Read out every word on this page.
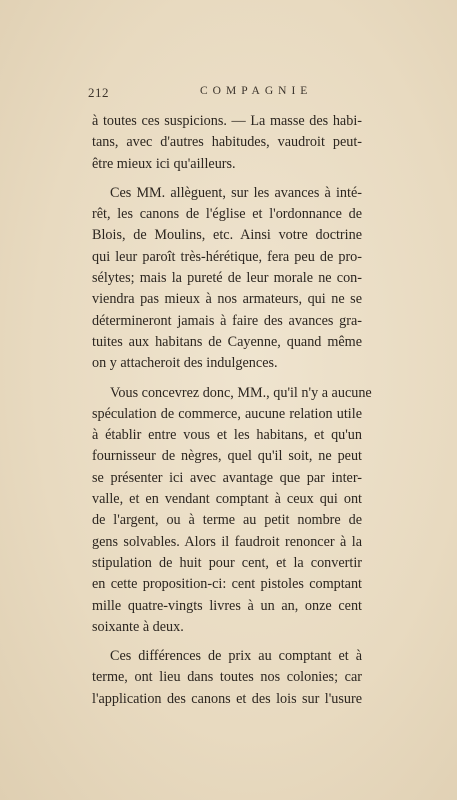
212	COMPAGNIE
à toutes ces suspicions. — La masse des habi-
tans, avec d'autres habitudes, vaudroit peut-
être mieux ici qu'ailleurs.
Ces MM. allèguent, sur les avances à inté-
rêt, les canons de l'église et l'ordonnance de
Blois, de Moulins, etc. Ainsi votre doctrine
qui leur paroît très-hérétique, fera peu de pro-
sélytes; mais la pureté de leur morale ne con-
viendra pas mieux à nos armateurs, qui ne se
détermineront jamais à faire des avances gra-
tuites aux habitans de Cayenne, quand même
on y attacheroit des indulgences.
Vous concevrez donc, MM., qu'il n'y a aucune
spéculation de commerce, aucune relation utile
à établir entre vous et les habitans, et qu'un
fournisseur de nègres, quel qu'il soit, ne peut
se présenter ici avec avantage que par inter-
valle, et en vendant comptant à ceux qui ont
de l'argent, ou à terme au petit nombre de
gens solvables. Alors il faudroit renoncer à la
stipulation de huit pour cent, et la convertir
en cette proposition-ci: cent pistoles comptant
mille quatre-vingts livres à un an, onze cent
soixante à deux.
Ces différences de prix au comptant et à
terme, ont lieu dans toutes nos colonies; car
l'application des canons et des lois sur l'usure
